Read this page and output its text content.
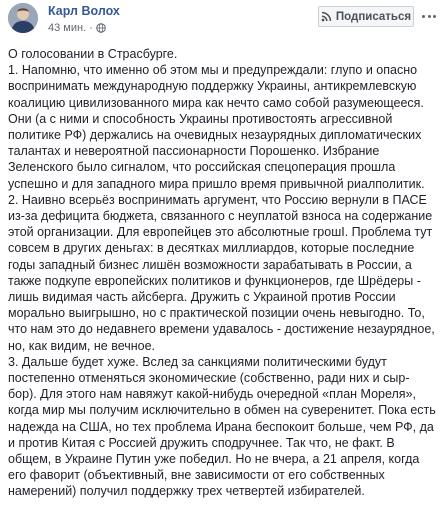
Карл Волох
43 мин. ·
Подписаться

О голосовании в Страсбурге.

1. Напомню, что именно об этом мы и предупреждали: глупо и опасно воспринимать международную поддержку Украины, антикремлевскую коалицию цивилизованного мира как нечто само собой разумеющееся. Они (а с ними и способность Украины противостоять агрессивной политике РФ) держались на очевидных незаурядных дипломатических талантах и невероятной пассионарности Порошенко. Избрание Зеленского было сигналом, что российская спецоперация прошла успешно и для западного мира пришло время привычной риалполитик.

2. Наивно всерьёз воспринимать аргумент, что Россию вернули в ПАСЕ из-за дефицита бюджета, связанного с неуплатой взноса на содержание этой организации. Для европейцев это абсолютные грошІ. Проблема тут совсем в других деньгах: в десятках миллиардов, которые последние годы западный бизнес лишён возможности зарабатывать в России, а также подкупе европейских политиков и функционеров, где Шрёдеры - лишь видимая часть айсберга. Дружить с Украиной против России морально выигрышно, но с практической позиции очень невыгодно. То, что нам это до недавнего времени удавалось - достижение незаурядное, но, как видим, не вечное.

3. Дальше будет хуже. Вслед за санкциями политическими будут постепенно отменяться экономические (собственно, ради них и сыр-бор). Для этого нам навяжут какой-нибудь очередной «план Мореля», когда мир мы получим исключительно в обмен на суверенитет. Пока есть надежда на США, но тех проблема Ирана беспокоит больше, чем РФ, да и против Китая с Россией дружить сподручнее. Так что, не факт. В общем, в Украине Путин уже победил. Но не вчера, а 21 апреля, когда его фаворит (объективный, вне зависимости от его собственных намерений) получил поддержку трех четвертей избирателей.
